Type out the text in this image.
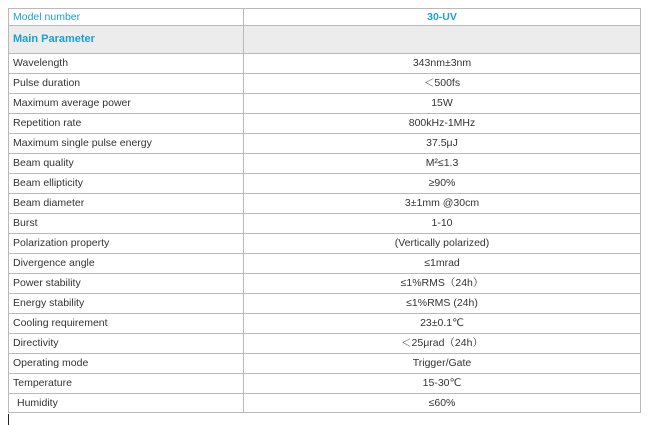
Model number	30-UV
Main Parameter	
Wavelength	343nm±3nm
Pulse duration	＜500fs
Maximum average power	15W
Repetition rate	800kHz-1MHz
Maximum single pulse energy	37.5μJ
Beam quality	M²≤1.3
Beam ellipticity	≥90%
Beam diameter	3±1mm @30cm
Burst	1-10
Polarization property	(Vertically polarized)
Divergence angle	≤1mrad
Power stability	≤1%RMS（24h）
Energy stability	≤1%RMS (24h)
Cooling requirement	23±0.1℃
Directivity	＜25μrad（24h）
Operating mode	Trigger/Gate
Temperature	15-30℃
Humidity	≤60%
